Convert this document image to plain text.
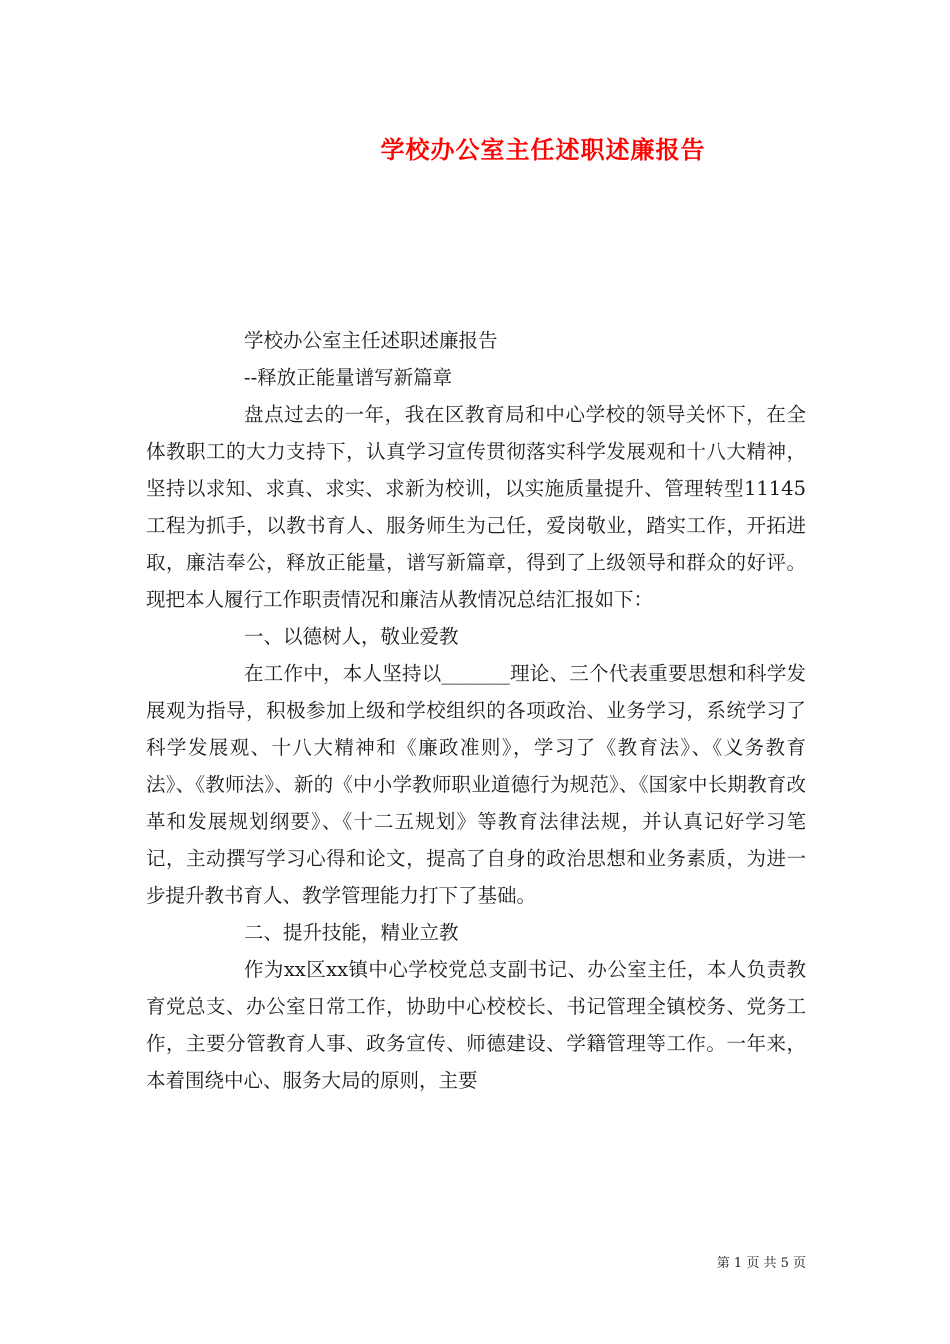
学校办公室主任述职述廉报告

学校办公室主任述职述廉报告

--释放正能量谱写新篇章

盘点过去的一年，我在区教育局和中心学校的领导关怀下，在全体教职工的大力支持下，认真学习宣传贯彻落实科学发展观和十八大精神，坚持以求知、求真、求实、求新为校训，以实施质量提升、管理转型11145工程为抓手，以教书育人、服务师生为己任，爱岗敬业，踏实工作，开拓进取，廉洁奉公，释放正能量，谱写新篇章，得到了上级领导和群众的好评。现把本人履行工作职责情况和廉洁从教情况总结汇报如下：

一、以德树人，敬业爱教

在工作中，本人坚持以_______理论、三个代表重要思想和科学发展观为指导，积极参加上级和学校组织的各项政治、业务学习，系统学习了科学发展观、十八大精神和《廉政准则》，学习了《教育法》、《义务教育法》、《教师法》、新的《中小学教师职业道德行为规范》、《国家中长期教育改革和发展规划纲要》、《十二五规划》等教育法律法规，并认真记好学习笔记，主动撰写学习心得和论文，提高了自身的政治思想和业务素质，为进一步提升教书育人、教学管理能力打下了基础。

二、提升技能，精业立教

作为xx区xx镇中心学校党总支副书记、办公室主任，本人负责教育党总支、办公室日常工作，协助中心校校长、书记管理全镇校务、党务工作，主要分管教育人事、政务宣传、师德建设、学籍管理等工作。一年来，本着围绕中心、服务大局的原则，主要

第 1 页 共 5 页
